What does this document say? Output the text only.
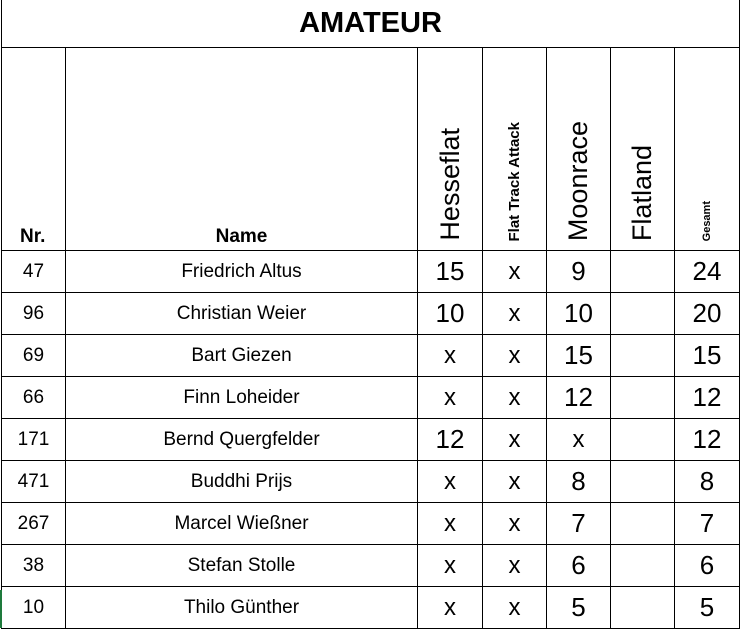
AMATEUR						
Nr.	Name	Hesseflat	Flat Track Attack	Moonrace	Flatland	Gesamt
47	Friedrich Altus	15	x	9		24
96	Christian Weier	10	x	10		20
69	Bart Giezen	x	x	15		15
66	Finn Loheider	x	x	12		12
171	Bernd Quergfelder	12	x	x		12
471	Buddhi Prijs	x	x	8		8
267	Marcel Wießner	x	x	7		7
38	Stefan Stolle	x	x	6		6
10	Thilo Günther	x	x	5		5
